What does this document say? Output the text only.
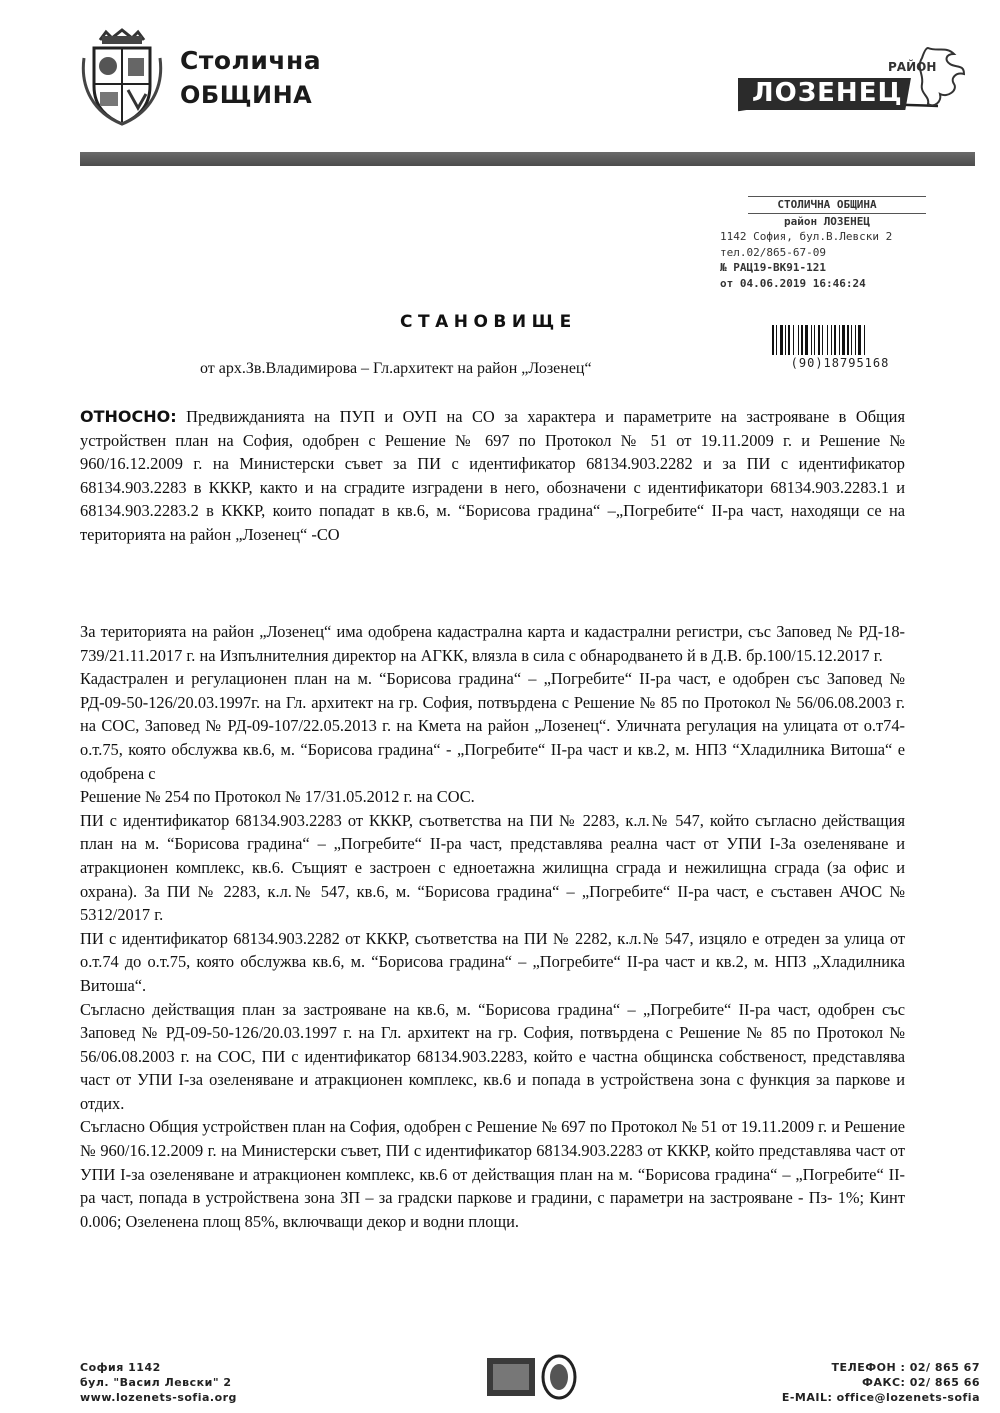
Столична
ОБЩИНА
РАЙОН
ЛОЗЕНЕЦ
СТОЛИЧНА ОБЩИНА
район ЛОЗЕНЕЦ
1142 София, бул.В.Левски 2
тел.02/865-67-09
№ РАЦ19-ВК91-121
от 04.06.2019 16:46:24
(90)18795168
СТАНОВИЩЕ
от арх.Зв.Владимирова – Гл.архитект на район „Лозенец“
ОТНОСНО: Предвижданията на ПУП и ОУП на СО за характера и параметрите на застрояване в Общия устройствен план на София, одобрен с Решение № 697 по Протокол № 51 от 19.11.2009 г. и Решение № 960/16.12.2009 г. на Министерски съвет за ПИ с идентификатор 68134.903.2282 и за ПИ с идентификатор 68134.903.2283 в КККР, както и на сградите изградени в него, обозначени с идентификатори 68134.903.2283.1 и 68134.903.2283.2 в КККР, които попадат в кв.6, м. “Борисова градина“ –„Погребите“ II-ра част, находящи се на територията на район „Лозенец“ -СО

За територията на район „Лозенец“ има одобрена кадастрална карта и кадастрални регистри, със Заповед № РД-18-739/21.11.2017 г. на Изпълнителния директор на АГКК, влязла в сила с обнародването й в Д.В. бр.100/15.12.2017 г.

Кадастрален и регулационен план на м. “Борисова градина“ – „Погребите“ II-ра част, е одобрен със Заповед № РД-09-50-126/20.03.1997г. на Гл. архитект на гр. София, потвърдена с Решение № 85 по Протокол № 56/06.08.2003 г. на СОС, Заповед № РД-09-107/22.05.2013 г. на Кмета на район „Лозенец“. Уличната регулация на улицата от о.т74- о.т.75, която обслужва кв.6, м. “Борисова градина“ - „Погребите“ II-ра част и кв.2, м. НПЗ “Хладилника Витоша“ е одобрена с

Решение № 254 по Протокол № 17/31.05.2012 г. на СОС.

ПИ с идентификатор 68134.903.2283 от КККР, съответства на ПИ № 2283, к.л.№ 547, който съгласно действащия план на м. “Борисова градина“ – „Погребите“ II-ра част, представлява реална част от УПИ I-За озеленяване и атракционен комплекс, кв.6. Същият е застроен с едноетажна жилищна сграда и нежилищна сграда (за офис и охрана). За ПИ № 2283, к.л.№ 547, кв.6, м. “Борисова градина“ – „Погребите“ II-ра част, е съставен АЧОС № 5312/2017 г.

ПИ с идентификатор 68134.903.2282 от КККР, съответства на ПИ № 2282, к.л.№ 547, изцяло е отреден за улица от о.т.74 до о.т.75, която обслужва кв.6, м. “Борисова градина“ – „Погребите“ II-ра част и кв.2, м. НПЗ „Хладилника Витоша“.

Съгласно действащия план за застрояване на кв.6, м. “Борисова градина“ – „Погребите“ II-ра част, одобрен със Заповед № РД-09-50-126/20.03.1997 г. на Гл. архитект на гр. София, потвърдена с Решение № 85 по Протокол № 56/06.08.2003 г. на СОС, ПИ с идентификатор 68134.903.2283, който е частна общинска собственост, представлява част от УПИ I-за озеленяване и атракционен комплекс, кв.6 и попада в устройствена зона с функция за паркове и отдих.

Съгласно Общия устройствен план на София, одобрен с Решение № 697 по Протокол № 51 от 19.11.2009 г. и Решение № 960/16.12.2009 г. на Министерски съвет, ПИ с идентификатор 68134.903.2283 от КККР, който представлява част от УПИ I-за озеленяване и атракционен комплекс, кв.6 от действащия план на м. “Борисова градина“ – „Погребите“ II-ра част, попада в устройствена зона ЗП – за градски паркове и градини, с параметри на застрояване - Пз- 1%; Кинт 0.006; Озеленена площ 85%, включващи декор и водни площи.

София 1142
бул. "Васил Левски" 2
www.lozenets-sofia.org
ТЕЛЕФОН : 02/ 865 67
ФАКС: 02/ 865 66
E-MAIL: office@lozenets-sofia
